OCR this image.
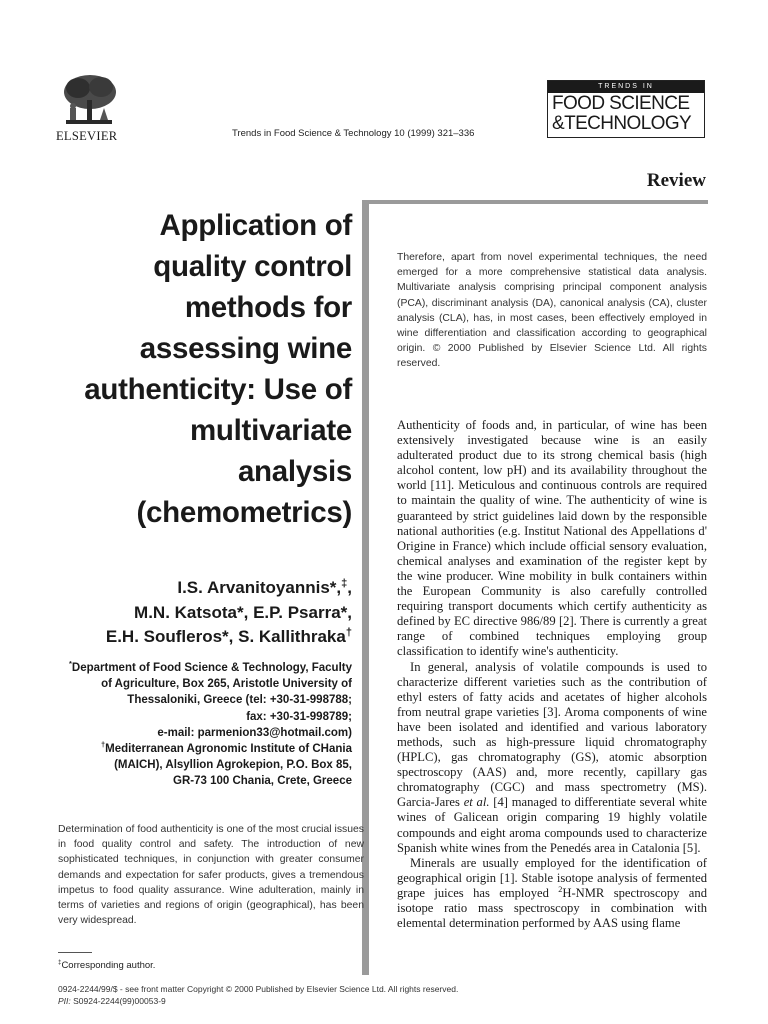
ELSEVIER	Trends in Food Science & Technology 10 (1999) 321–336
TRENDS IN
FOOD SCIENCE
&TECHNOLOGY
Review
Application of
quality control
methods for
assessing wine
authenticity: Use of
multivariate
analysis
(chemometrics)
I.S. Arvanitoyannis*,‡,
M.N. Katsota*, E.P. Psarra*,
E.H. Soufleros*, S. Kallithraka†
*Department of Food Science & Technology, Faculty
of Agriculture, Box 265, Aristotle University of
Thessaloniki, Greece (tel: +30-31-998788;
fax: +30-31-998789;
e-mail: parmenion33@hotmail.com)
†Mediterranean Agronomic Institute of CHania
(MAICH), Alsyllion Agrokepion, P.O. Box 85,
GR-73 100 Chania, Crete, Greece
Determination of food authenticity is one of the most crucial issues in food quality control and safety. The introduction of new sophisticated techniques, in conjunction with greater consumer demands and expectation for safer products, gives a tremendous impetus to food quality assurance. Wine adulteration, mainly in terms of varieties and regions of origin (geographical), has been very widespread.
Therefore, apart from novel experimental techniques, the need emerged for a more comprehensive statistical data analysis. Multivariate analysis comprising principal component analysis (PCA), discriminant analysis (DA), canonical analysis (CA), cluster analysis (CLA), has, in most cases, been effectively employed in wine differentiation and classification according to geographical origin. © 2000 Published by Elsevier Science Ltd. All rights reserved.

Authenticity of foods and, in particular, of wine has been extensively investigated because wine is an easily adulterated product due to its strong chemical basis (high alcohol content, low pH) and its availability throughout the world [11]. Meticulous and continuous controls are required to maintain the quality of wine. The authenticity of wine is guaranteed by strict guidelines laid down by the responsible national authorities (e.g. Institut National des Appellations d' Origine in France) which include official sensory evaluation, chemical analyses and examination of the register kept by the wine producer. Wine mobility in bulk containers within the European Community is also carefully controlled requiring transport documents which certify authenticity as defined by EC directive 986/89 [2]. There is currently a great range of combined techniques employing group classification to identify wine's authenticity.

In general, analysis of volatile compounds is used to characterize different varieties such as the contribution of ethyl esters of fatty acids and acetates of higher alcohols from neutral grape varieties [3]. Aroma components of wine have been isolated and identified and various laboratory methods, such as high-pressure liquid chromatography (HPLC), gas chromatography (GS), atomic absorption spectroscopy (AAS) and, more recently, capillary gas chromatography (CGC) and mass spectrometry (MS). Garcia-Jares et al. [4] managed to differentiate several white wines of Galicean origin comparing 19 highly volatile compounds and eight aroma compounds used to characterize Spanish white wines from the Penedés area in Catalonia [5].

Minerals are usually employed for the identification of geographical origin [1]. Stable isotope analysis of fermented grape juices has employed $^2$H-NMR spectroscopy and isotope ratio mass spectroscopy in combination with elemental determination performed by AAS using flame

‡Corresponding author.
0924-2244/99/$ - see front matter Copyright © 2000 Published by Elsevier Science Ltd. All rights reserved.
PII: S0924-2244(99)00053-9
